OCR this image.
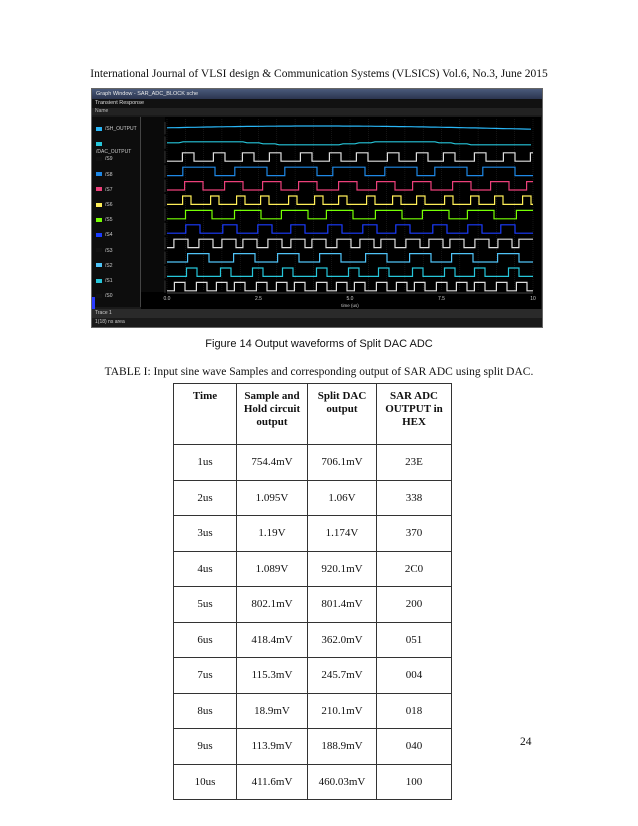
International Journal of VLSI design & Communication Systems (VLSICS) Vol.6, No.3, June 2015
Graph Window - SAR_ADC_BLOCK sche
Transient Response
Name
/SH_OUTPUT
/DAC_OUTPUT
/S9
/S8
/S7
/S6
/S5
/S4
/S3
/S2
/S1
/S0	0.0	2.5	5.0	7.5	10
time (us)
Trace 1
1(18) ns area
Figure 14 Output waveforms of Split DAC ADC
TABLE I: Input sine wave Samples and corresponding output of SAR ADC using split DAC.
Time	Sample and Hold circuit output	Split DAC output	SAR ADC OUTPUT in HEX
1us	754.4mV	706.1mV	23E
2us	1.095V	1.06V	338
3us	1.19V	1.174V	370
4us	1.089V	920.1mV	2C0
5us	802.1mV	801.4mV	200
6us	418.4mV	362.0mV	051
7us	115.3mV	245.7mV	004
8us	18.9mV	210.1mV	018
9us	113.9mV	188.9mV	040
10us	411.6mV	460.03mV	100
24
